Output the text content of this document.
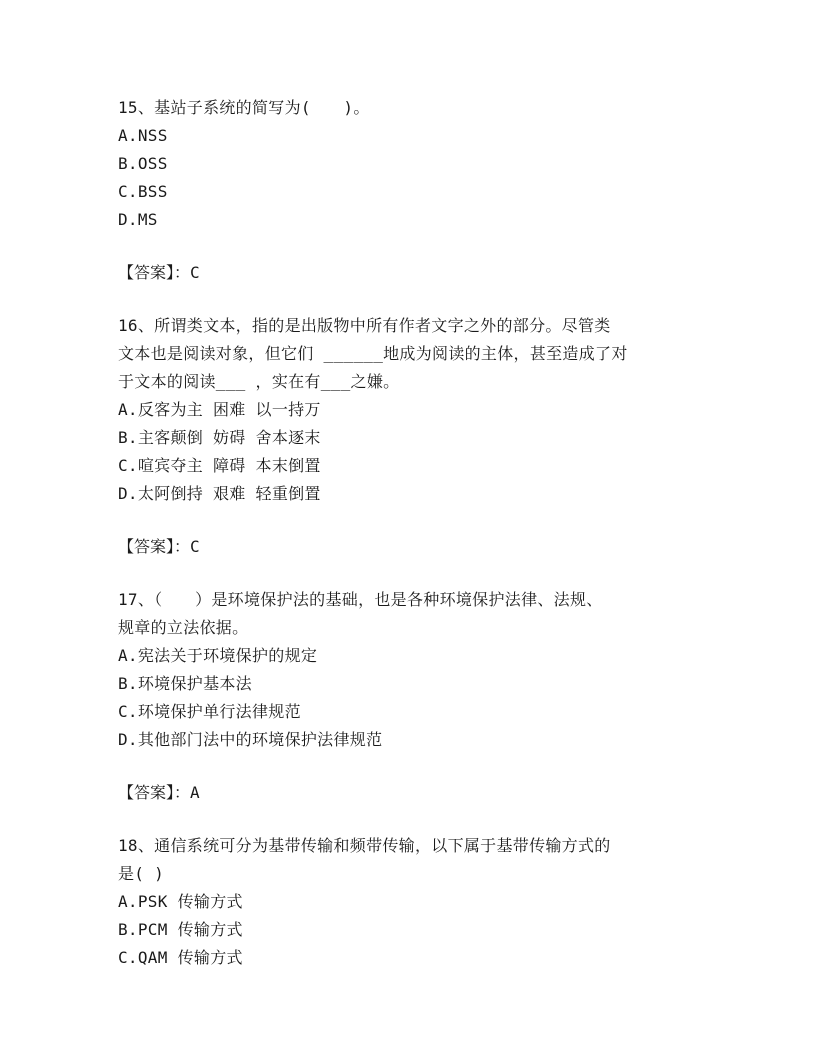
15、基站子系统的简写为(　　)。
A.NSS
B.OSS
C.BSS
D.MS
【答案】：C
16、所谓类文本，指的是出版物中所有作者文字之外的部分。尽管类
文本也是阅读对象，但它们 ______地成为阅读的主体，甚至造成了对
于文本的阅读___ ，实在有___之嫌。
A.反客为主 困难 以一持万
B.主客颠倒 妨碍 舍本逐末
C.喧宾夺主 障碍 本末倒置
D.太阿倒持 艰难 轻重倒置
【答案】：C
17、（　　）是环境保护法的基础，也是各种环境保护法律、法规、
规章的立法依据。
A.宪法关于环境保护的规定
B.环境保护基本法
C.环境保护单行法律规范
D.其他部门法中的环境保护法律规范
【答案】：A
18、通信系统可分为基带传输和频带传输，以下属于基带传输方式的
是( )
A.PSK 传输方式
B.PCM 传输方式
C.QAM 传输方式
